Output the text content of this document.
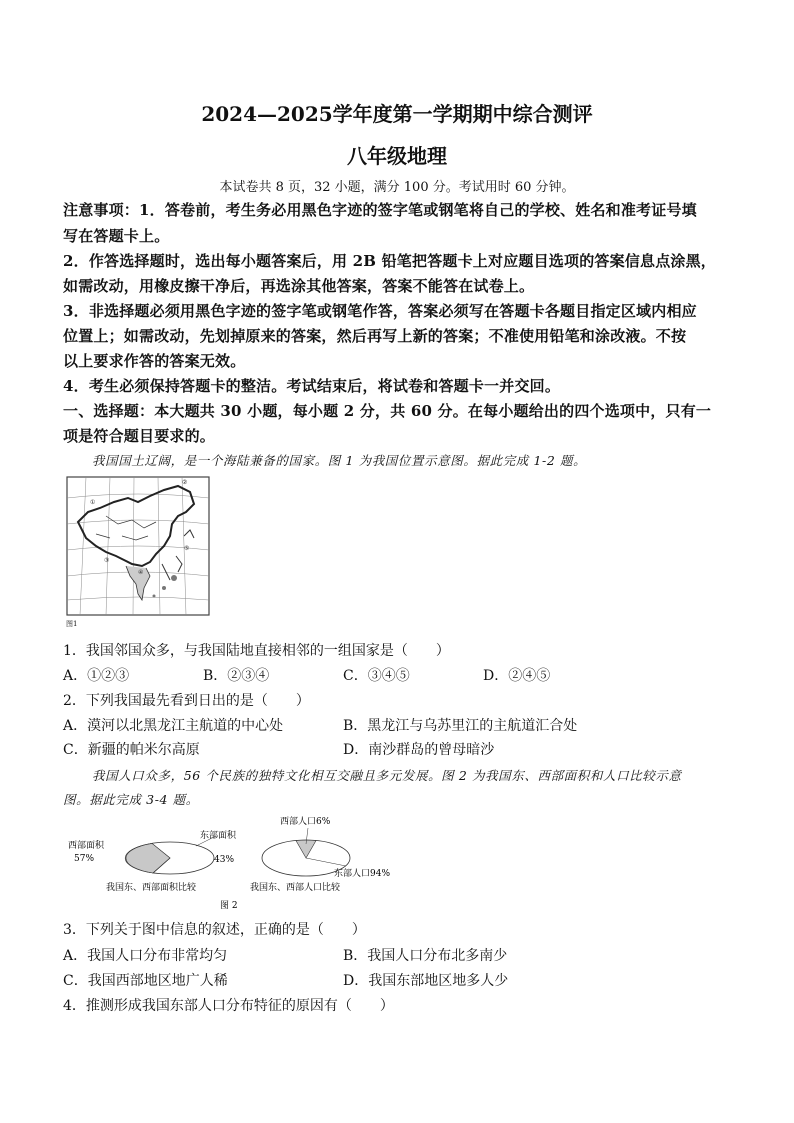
2024—2025学年度第一学期期中综合测评
八年级地理
本试卷共 8 页，32 小题，满分 100 分。考试用时 60 分钟。
注意事项：1．答卷前，考生务必用黑色字迹的签字笔或钢笔将自己的学校、姓名和准考证号填
写在答题卡上。
2．作答选择题时，选出每小题答案后，用 2B 铅笔把答题卡上对应题目选项的答案信息点涂黑，
如需改动，用橡皮擦干净后，再选涂其他答案，答案不能答在试卷上。
3．非选择题必须用黑色字迹的签字笔或钢笔作答，答案必须写在答题卡各题目指定区域内相应
位置上；如需改动，先划掉原来的答案，然后再写上新的答案；不准使用铅笔和涂改液。不按
以上要求作答的答案无效。
4．考生必须保持答题卡的整洁。考试结束后，将试卷和答题卡一并交回。
一、选择题：本大题共 30 小题，每小题 2 分，共 60 分。在每小题给出的四个选项中，只有一
项是符合题目要求的。
我国国土辽阔，是一个海陆兼备的国家。图 1 为我国位置示意图。据此完成 1-2 题。
①
②
③
④
⑤
图1
1．我国邻国众多，与我国陆地直接相邻的一组国家是（　　）
A．①②③	B．②③④	C．③④⑤	D．②④⑤
2．下列我国最先看到日出的是（　　）
A．漠河以北黑龙江主航道的中心处	B．黑龙江与乌苏里江的主航道汇合处
C．新疆的帕米尔高原	D．南沙群岛的曾母暗沙
我国人口众多，56 个民族的独特文化相互交融且多元发展。图 2 为我国东、西部面积和人口比较示意
图。据此完成 3-4 题。
西部面积
57%
东部面积
43%
我国东、西部面积比较
西部人口6%
东部人口94%
我国东、西部人口比较
图 2
3．下列关于图中信息的叙述，正确的是（　　）
A．我国人口分布非常均匀	B．我国人口分布北多南少
C．我国西部地区地广人稀	D．我国东部地区地多人少
4．推测形成我国东部人口分布特征的原因有（　　）
